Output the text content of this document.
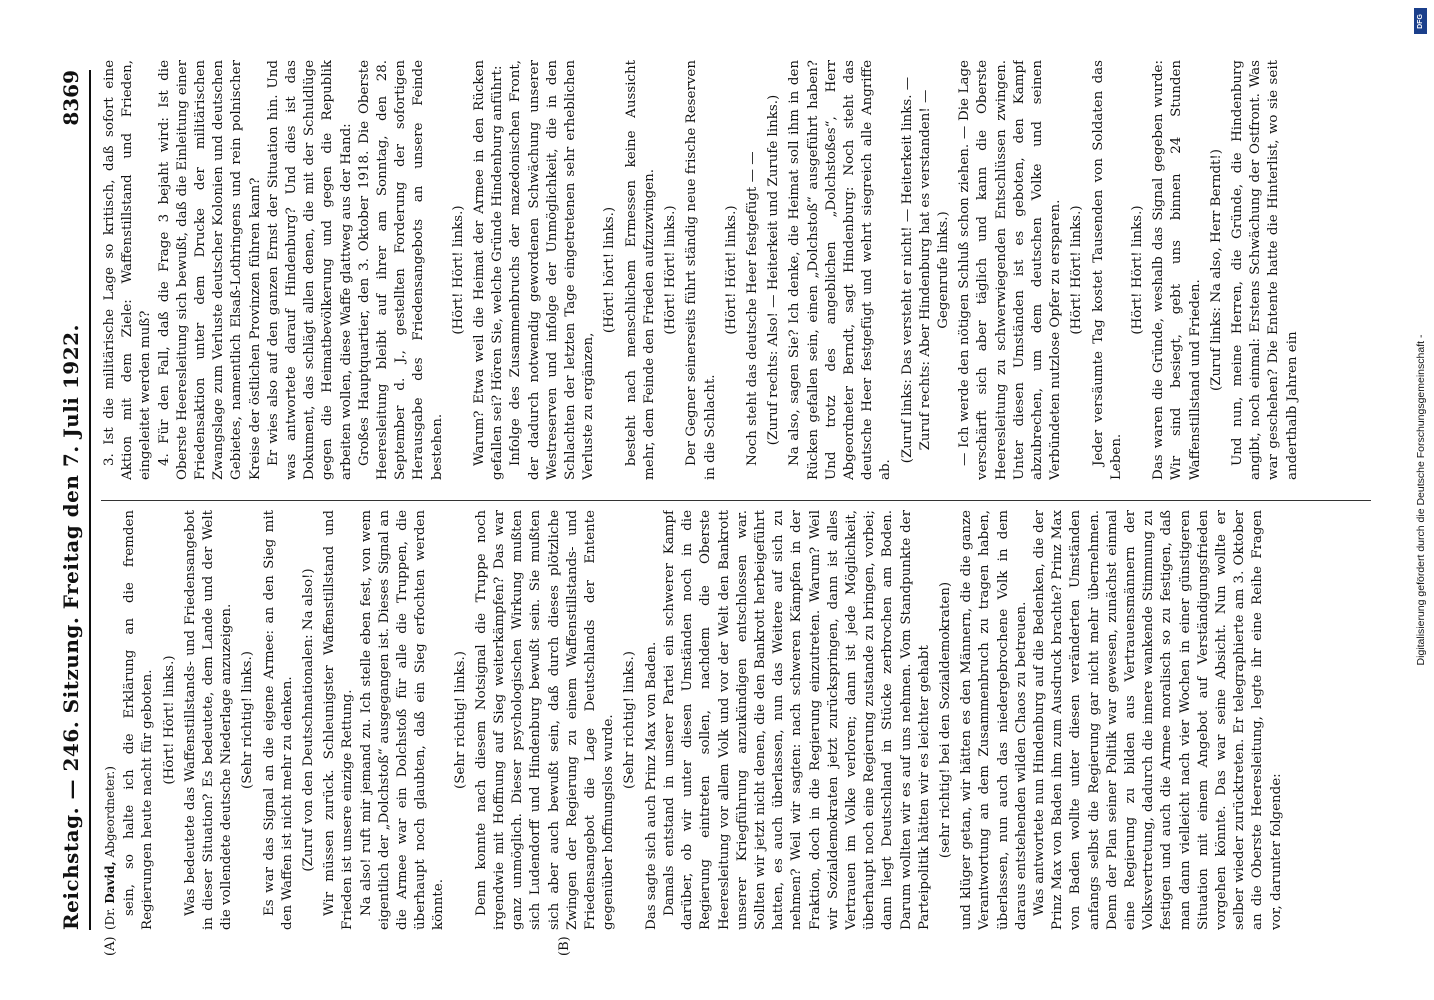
Reichstag. — 246. Sitzung. Freitag den 7. Juli 1922.
8369
(A)	(B)
(Dr. David, Abgeordneter.) sein, so halte ich die Erklärung an die fremden Regierungen heute nacht für geboten. (Hört! Hört! links.) Was bedeutete das Waffenstillstands- und Friedensangebot in dieser Situation? Es bedeutete, dem Lande und der Welt die vollendete deutsche Niederlage anzuzeigen. (Sehr richtig! links.) Es war das Signal an die eigene Armee: an den Sieg mit den Waffen ist nicht mehr zu denken. (Zuruf von den Deutschnationalen: Na also!) Wir müssen zurück. Schleunigster Waffenstillstand und Frieden ist unsere einzige Rettung. Na also! ruft mir jemand zu. Ich stelle eben fest, von wem eigentlich der „Dolchstoß“ ausgegangen ist. Dieses Signal an die Armee war ein Dolchstoß für alle die Truppen, die überhaupt noch glaubten, daß ein Sieg erfochten werden könnte.

(Sehr richtig! links.) Denn konnte nach diesem Notsignal die Truppe noch irgendwie mit Hoffnung auf Sieg weiterkämpfen? Das war ganz unmöglich. Dieser psychologischen Wirkung mußten sich Ludendorff und Hindenburg bewußt sein. Sie mußten sich aber auch bewußt sein, daß durch dieses plötzliche Zwingen der Regierung zu einem Waffenstillstands- und Friedensangebot die Lage Deutschlands der Entente gegenüber hoffnungslos wurde. (Sehr richtig! links.) Das sagte sich auch Prinz Max von Baden. Damals entstand in unserer Partei ein schwerer Kampf darüber, ob wir unter diesen Umständen noch in die Regierung eintreten sollen, nachdem die Oberste Heeresleitung vor allem Volk und vor der Welt den Bankrott unserer Kriegführung anzukündigen entschlossen war. Sollten wir jetzt nicht denen, die den Bankrott herbeigeführt hatten, es auch überlassen, nun das Weitere auf sich zu nehmen? Weil wir sagten: nach schweren Kämpfen in der Fraktion, doch in die Regierung einzutreten. Warum? Weil wir Sozialdemokraten jetzt zurückspringen, dann ist alles Vertrauen im Volke verloren; dann ist jede Möglichkeit, überhaupt noch eine Regierung zustande zu bringen, vorbei; dann liegt Deutschland in Stücke zerbrochen am Boden. Darum wollten wir es auf uns nehmen. Vom Standpunkte der Parteipolitik hätten wir es leichter gehabt (sehr richtig! bei den Sozialdemokraten) und klüger getan, wir hätten es den Männern, die die ganze Verantwortung an dem Zusammenbruch zu tragen haben, überlassen, nun auch das niedergebrochene Volk in dem daraus entstehenden wilden Chaos zu betreuen. Was antwortete nun Hindenburg auf die Bedenken, die der Prinz Max von Baden ihm zum Ausdruck brachte? Prinz Max von Baden wollte unter diesen veränderten Umständen anfangs selbst die Regierung gar nicht mehr übernehmen. Denn der Plan seiner Politik war gewesen, zunächst einmal eine Regierung zu bilden aus Vertrauensmännern der Volksvertretung, dadurch die innere wankende Stimmung zu festigen und auch die Armee moralisch so zu festigen, daß man dann vielleicht nach vier Wochen in einer günstigeren Situation mit einem Angebot auf Verständigungsfrieden vorgehen könnte. Das war seine Absicht. Nun wollte er selber wieder zurücktreten. Er telegraphierte am 3. Oktober an die Oberste Heeresleitung, legte ihr eine Reihe Fragen vor, darunter folgende:

3. Ist die militärische Lage so kritisch, daß sofort eine Aktion mit dem Ziele: Waffenstillstand und Frieden, eingeleitet werden muß? 4. Für den Fall, daß die Frage 3 bejaht wird: Ist die Oberste Heeresleitung sich bewußt, daß die Einleitung einer Friedensaktion unter dem Drucke der militärischen Zwangslage zum Verluste deutscher Kolonien und deutschen Gebietes, namentlich Elsaß-Lothringens und rein polnischer Kreise der östlichen Provinzen führen kann? Er wies also auf den ganzen Ernst der Situation hin. Und was antwortete darauf Hindenburg? Und dies ist das Dokument, das schlägt allen denen, die mit der Schuldlüge gegen die Heimatbevölkerung und gegen die Republik arbeiten wollen, diese Waffe glattweg aus der Hand: Großes Hauptquartier, den 3. Oktober 1918. Die Oberste Heeresleitung bleibt auf ihrer am Sonntag, den 28. September d. J., gestellten Forderung der sofortigen Herausgabe des Friedensangebots an unsere Feinde bestehen.

(Hört! Hört! links.) Warum? Etwa weil die Heimat der Armee in den Rücken gefallen sei? Hören Sie, welche Gründe Hindenburg anführt: Infolge des Zusammenbruchs der mazedonischen Front, der dadurch notwendig gewordenen Schwächung unserer Westreserven und infolge der Unmöglichkeit, die in den Schlachten der letzten Tage eingetretenen sehr erheblichen Verluste zu ergänzen,

(Hört! hört! links.) besteht nach menschlichem Ermessen keine Aussicht mehr, dem Feinde den Frieden aufzuzwingen. (Hört! Hört! links.) Der Gegner seinerseits führt ständig neue frische Reserven in die Schlacht.

(Hört! Hört! links.) Noch steht das deutsche Heer festgefügt — — (Zuruf rechts: Also! — Heiterkeit und Zurufe links.) Na also, sagen Sie? Ich denke, die Heimat soll ihm in den Rücken gefallen sein, einen „Dolchstoß“ ausgeführt haben? Und trotz des angeblichen „Dolchstoßes“, Herr Abgeordneter Berndt, sagt Hindenburg: Noch steht das deutsche Heer festgefügt und wehrt siegreich alle Angriffe ab.

(Zuruf links: Das versteht er nicht! — Heiterkeit links. — Zuruf rechts: Aber Hindenburg hat es verstanden! — Gegenrufe links.) — Ich werde den nötigen Schluß schon ziehen. — Die Lage verschärft sich aber täglich und kann die Oberste Heeresleitung zu schwerwiegenden Entschlüssen zwingen. Unter diesen Umständen ist es geboten, den Kampf abzubrechen, um dem deutschen Volke und seinen Verbündeten nutzlose Opfer zu ersparen. (Hört! Hört! links.) Jeder versäumte Tag kostet Tausenden von Soldaten das Leben.

(Hört! Hört! links.) Das waren die Gründe, weshalb das Signal gegeben wurde: Wir sind besiegt, gebt uns binnen 24 Stunden Waffenstillstand und Frieden. (Zuruf links: Na also, Herr Berndt!) Und nun, meine Herren, die Gründe, die Hindenburg angibt, noch einmal: Erstens Schwächung der Ostfront. Was war geschehen? Die Entente hatte die Hinterlist, wo sie seit anderthalb Jahren ein	Digitalisierung gefördert durch die Deutsche Forschungsgemeinschaft -
DFG
